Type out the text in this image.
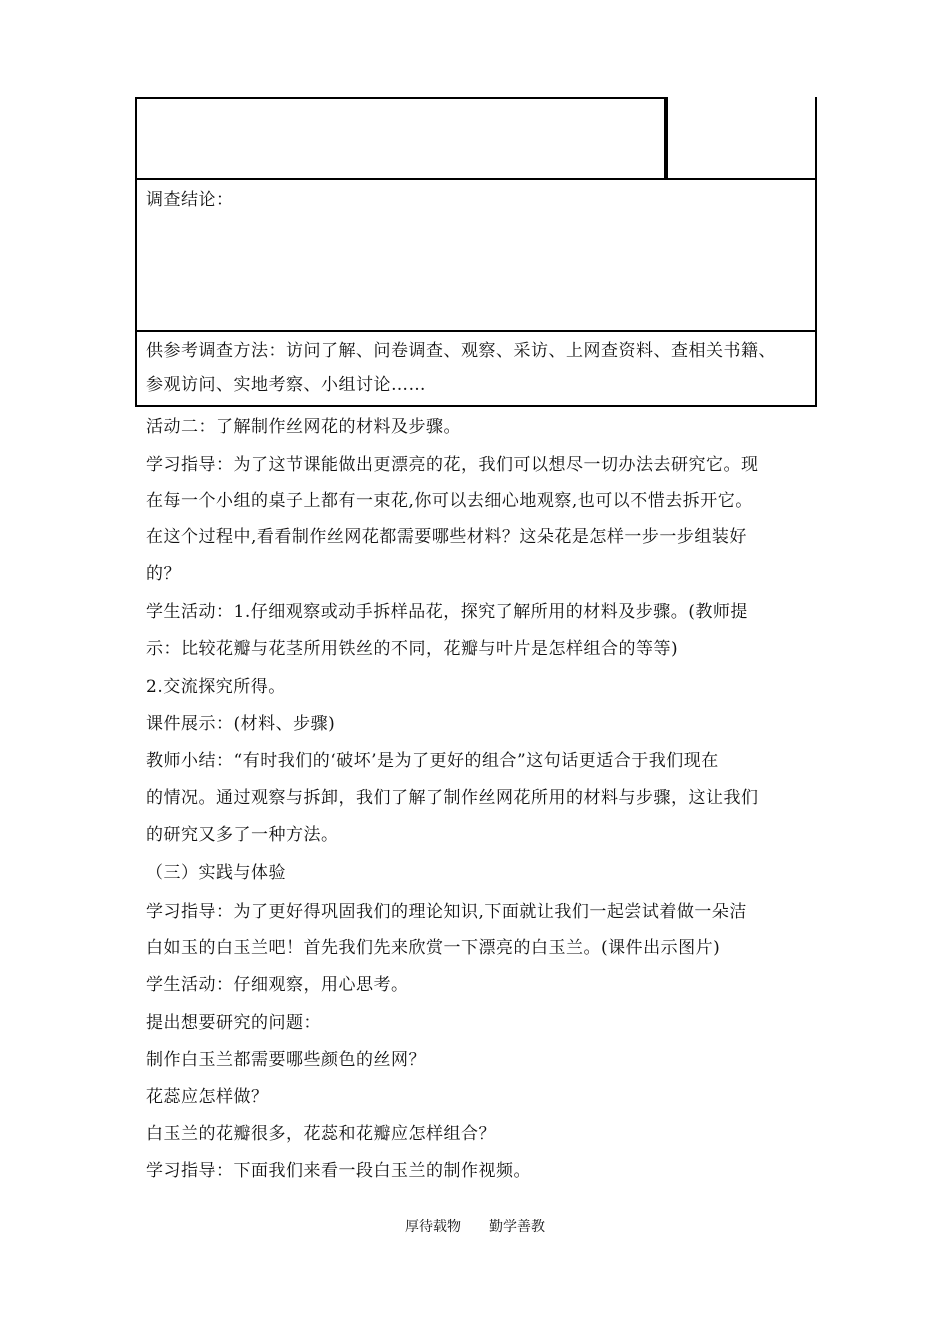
调查结论：
供参考调查方法：访问了解、问卷调查、观察、采访、上网查资料、查相关书籍、
参观访问、实地考察、小组讨论……
活动二：了解制作丝网花的材料及步骤。
学习指导：为了这节课能做出更漂亮的花，我们可以想尽一切办法去研究它。现
在每一个小组的桌子上都有一束花,你可以去细心地观察,也可以不惜去拆开它。
在这个过程中,看看制作丝网花都需要哪些材料？这朵花是怎样一步一步组装好
的？
学生活动：1.仔细观察或动手拆样品花，探究了解所用的材料及步骤。(教师提
示：比较花瓣与花茎所用铁丝的不同，花瓣与叶片是怎样组合的等等)
2.交流探究所得。
课件展示：(材料、步骤)
教师小结：“有时我们的‘破坏’是为了更好的组合”这句话更适合于我们现在
的情况。通过观察与拆卸，我们了解了制作丝网花所用的材料与步骤，这让我们
的研究又多了一种方法。
（三）实践与体验
学习指导：为了更好得巩固我们的理论知识,下面就让我们一起尝试着做一朵洁
白如玉的白玉兰吧！首先我们先来欣赏一下漂亮的白玉兰。(课件出示图片)
学生活动：仔细观察，用心思考。
提出想要研究的问题：
制作白玉兰都需要哪些颜色的丝网？
花蕊应怎样做？
白玉兰的花瓣很多，花蕊和花瓣应怎样组合？
学习指导：下面我们来看一段白玉兰的制作视频。
厚待载物 勤学善教
